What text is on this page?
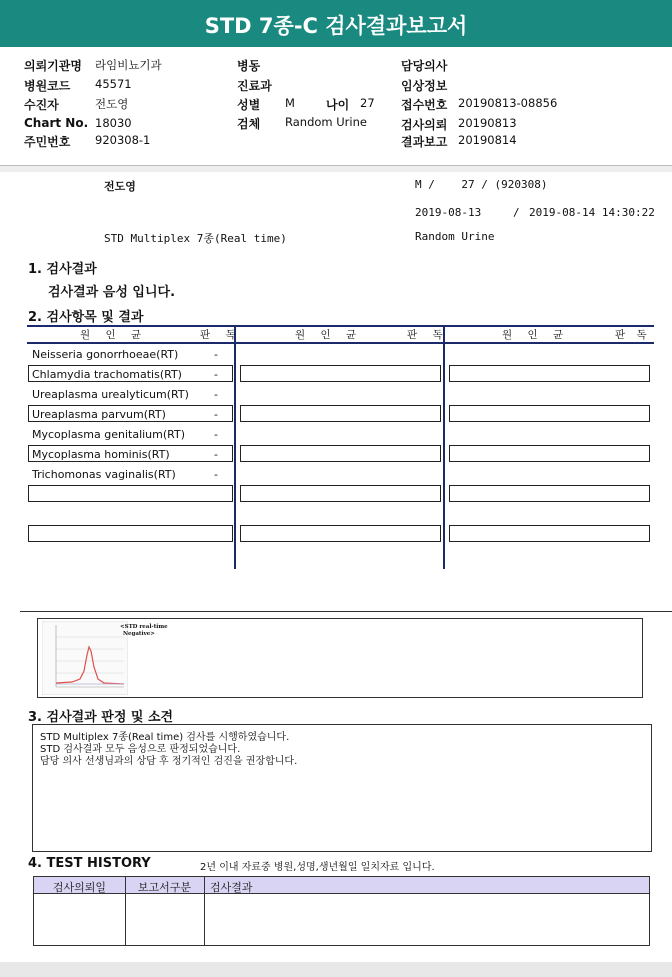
STD 7종-C 검사결과보고서
의뢰기관명 라임비뇨기과
병원코드 45571
수진자	전도영
Chart No. 18030
주민번호 920308-1
병동
진료과
성별 M	나이 27
검체 Random Urine
담당의사
임상정보
접수번호 20190813-08856
검사의뢰 20190813
결과보고 20190814
전도영	M /    27 / (920308)
2019-08-13	/ 2019-08-14 14:30:22
STD Multiplex 7종(Real time)	Random Urine
1. 검사결과
검사결과 음성 입니다.
2. 검사항목 및 결과
원 인 균	판 독	원 인 균	판 독	원 인 균	판 독
Neisseria gonorrhoeae(RT)	-
Chlamydia trachomatis(RT)	-
Ureaplasma urealyticum(RT) -
Ureaplasma parvum(RT)	-
Mycoplasma genitalium(RT)	-
Mycoplasma hominis(RT)	-
Trichomonas vaginalis(RT)	-
<STD real-time
Negative>
3. 검사결과 판정 및 소견
STD Multiplex 7종(Real time) 검사를 시행하였습니다.
STD 검사결과 모두 음성으로 판정되었습니다.
담당 의사 선생님과의 상담 후 정기적인 검진을 권장합니다.
4. TEST HISTORY	2년 이내 자료중 병원,성명,생년월일 일치자료 입니다.
검사의뢰일	보고서구분	검사결과
